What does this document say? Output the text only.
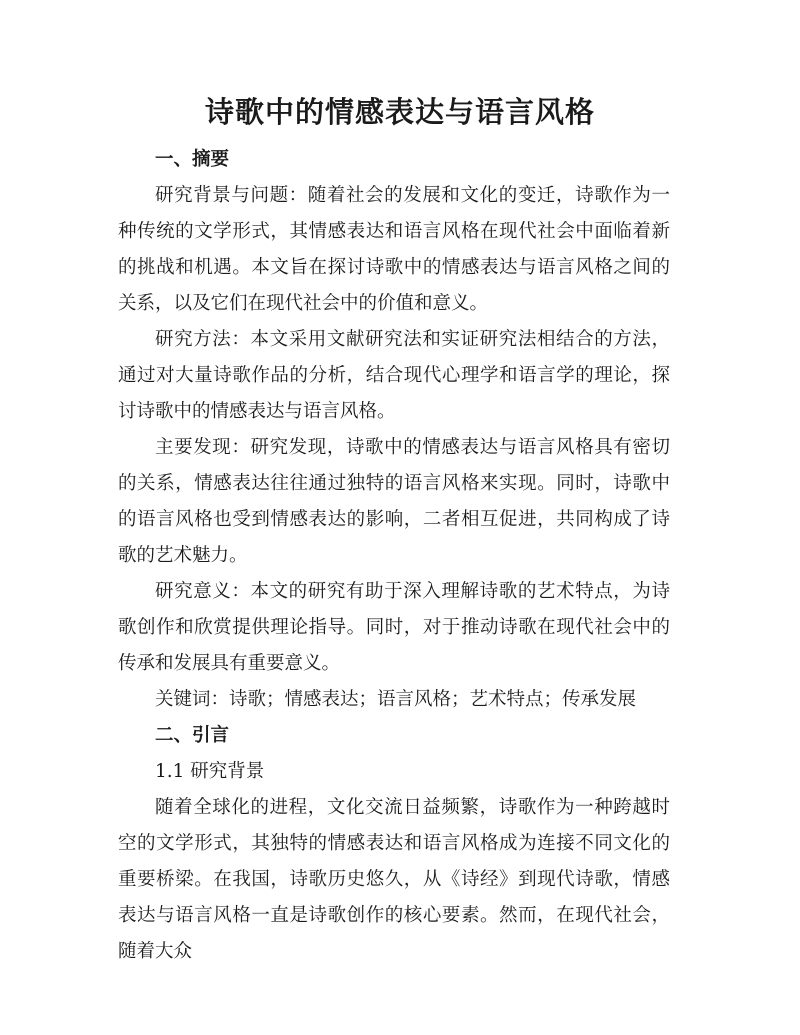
诗歌中的情感表达与语言风格

一、摘要

研究背景与问题：随着社会的发展和文化的变迁，诗歌作为一种传统的文学形式，其情感表达和语言风格在现代社会中面临着新的挑战和机遇。本文旨在探讨诗歌中的情感表达与语言风格之间的关系，以及它们在现代社会中的价值和意义。

研究方法：本文采用文献研究法和实证研究法相结合的方法，通过对大量诗歌作品的分析，结合现代心理学和语言学的理论，探讨诗歌中的情感表达与语言风格。

主要发现：研究发现，诗歌中的情感表达与语言风格具有密切的关系，情感表达往往通过独特的语言风格来实现。同时，诗歌中的语言风格也受到情感表达的影响，二者相互促进，共同构成了诗歌的艺术魅力。

研究意义：本文的研究有助于深入理解诗歌的艺术特点，为诗歌创作和欣赏提供理论指导。同时，对于推动诗歌在现代社会中的传承和发展具有重要意义。

关键词：诗歌；情感表达；语言风格；艺术特点；传承发展

二、引言

1.1 研究背景

随着全球化的进程，文化交流日益频繁，诗歌作为一种跨越时空的文学形式，其独特的情感表达和语言风格成为连接不同文化的重要桥梁。在我国，诗歌历史悠久，从《诗经》到现代诗歌，情感表达与语言风格一直是诗歌创作的核心要素。然而，在现代社会，随着大众
